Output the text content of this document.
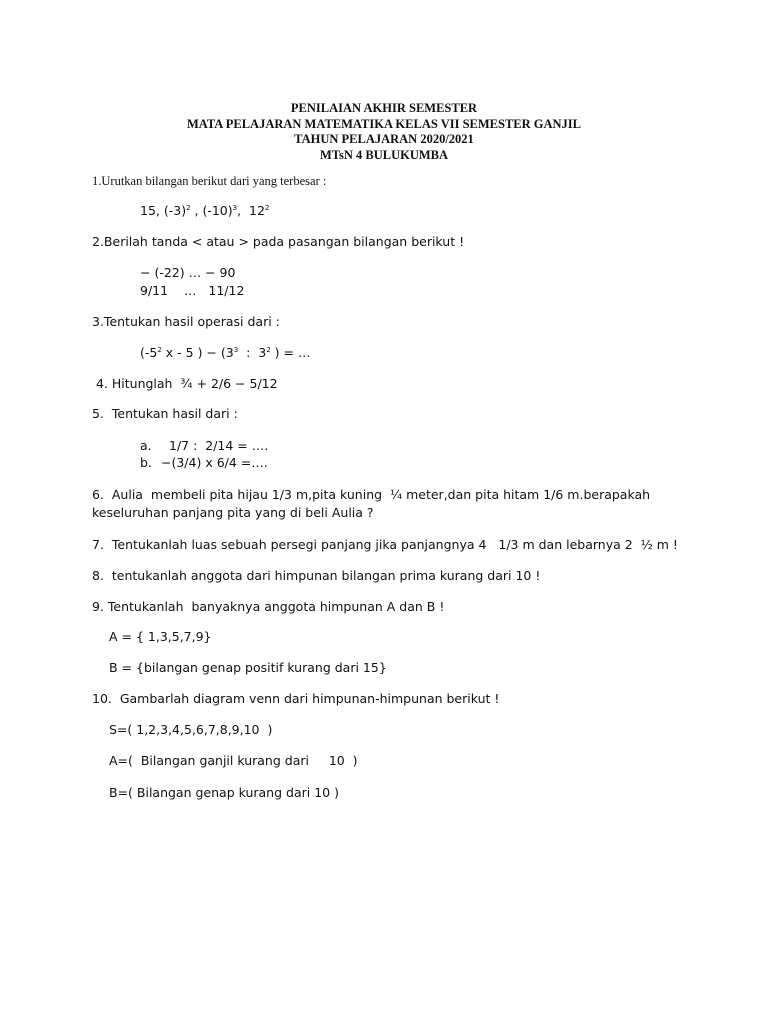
PENILAIAN AKHIR SEMESTER
MATA PELAJARAN MATEMATIKA KELAS VII SEMESTER GANJIL
TAHUN PELAJARAN 2020/2021
MTsN 4 BULUKUMBA
1.Urutkan bilangan berikut dari yang terbesar :
15, $(-3)^2$ , $(-10)^3$,  $12^2$
2.Berilah tanda < atau > pada pasangan bilangan berikut !
− (-22) … − 90
9/11    …   11/12
3.Tentukan hasil operasi dari :
($-5^2$ x - 5 ) − ($3^3$  :  $3^2$ ) = …
4. Hitunglah  ¾ + 2/6 − 5/12
5.  Tentukan hasil dari :
a. 1/7 :  2/14 = ….
b. −(3/4) x 6/4 =….
6.  Aulia  membeli pita hijau 1/3 m,pita kuning  ¼ meter,dan pita hitam 1/6 m.berapakah
keseluruhan panjang pita yang di beli Aulia ?
7.  Tentukanlah luas sebuah persegi panjang jika panjangnya 4   1/3 m dan lebarnya 2  ½ m !
8.  tentukanlah anggota dari himpunan bilangan prima kurang dari 10 !
9. Tentukanlah  banyaknya anggota himpunan A dan B !
A = { 1,3,5,7,9}
B = {bilangan genap positif kurang dari 15}
10.  Gambarlah diagram venn dari himpunan-himpunan berikut !
S=( 1,2,3,4,5,6,7,8,9,10  )
A=(  Bilangan ganjil kurang dari     10  )
B=( Bilangan genap kurang dari 10 )
